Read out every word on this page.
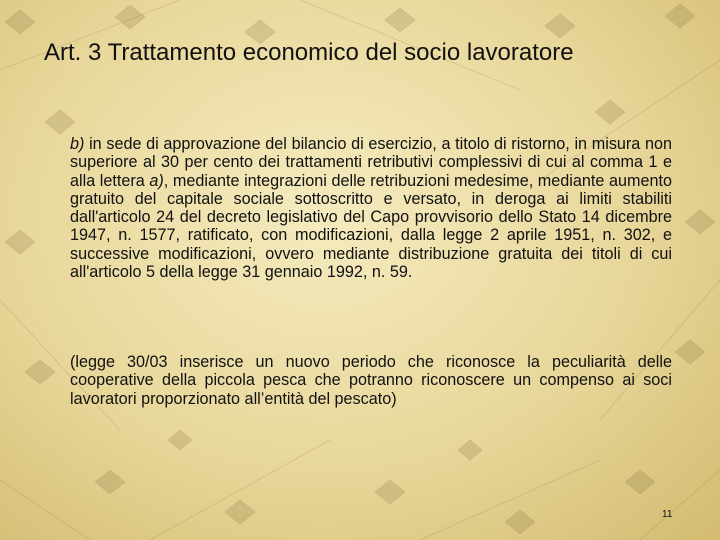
Art. 3 Trattamento economico del socio lavoratore

b) in sede di approvazione del bilancio di esercizio, a titolo di ristorno, in misura non superiore al 30 per cento dei trattamenti retributivi complessivi di cui al comma 1 e alla lettera a), mediante integrazioni delle retribuzioni medesime, mediante aumento gratuito del capitale sociale sottoscritto e versato, in deroga ai limiti stabiliti dall'articolo 24 del decreto legislativo del Capo provvisorio dello Stato 14 dicembre 1947, n. 1577, ratificato, con modificazioni, dalla legge 2 aprile 1951, n. 302, e successive modificazioni, ovvero mediante distribuzione gratuita dei titoli di cui all'articolo 5 della legge 31 gennaio 1992, n. 59.

(legge 30/03 inserisce un nuovo periodo che riconosce la peculiarità delle cooperative della piccola pesca che potranno riconoscere un compenso ai soci lavoratori proporzionato all’entità del pescato)

11
